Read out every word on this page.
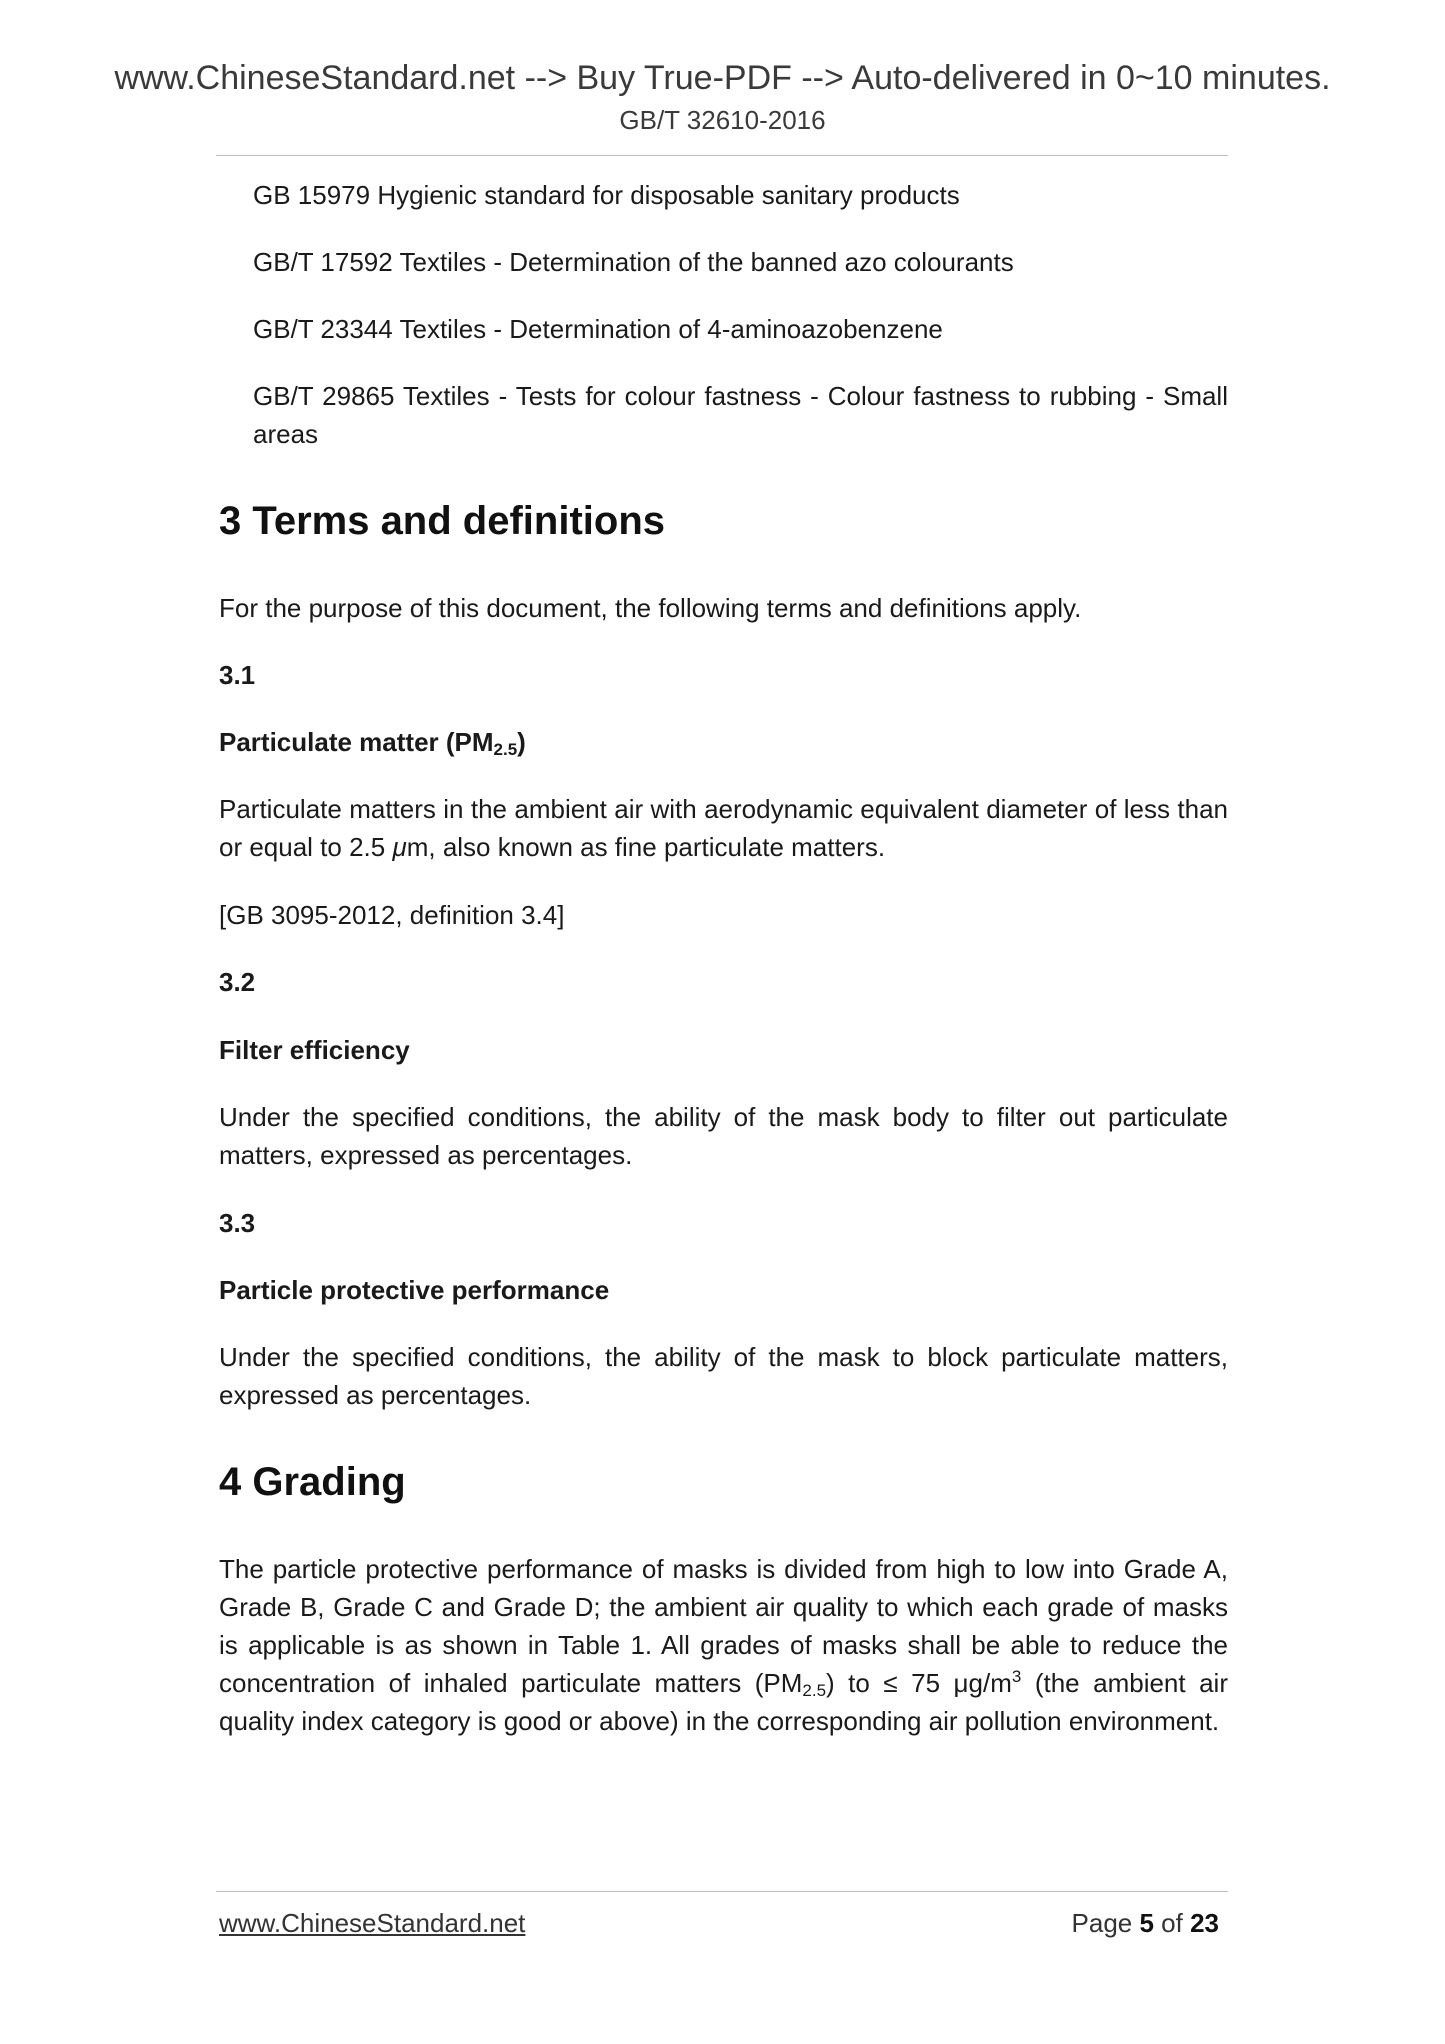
www.ChineseStandard.net --> Buy True-PDF --> Auto-delivered in 0~10 minutes.
GB/T 32610-2016
GB 15979 Hygienic standard for disposable sanitary products
GB/T 17592 Textiles - Determination of the banned azo colourants
GB/T 23344 Textiles - Determination of 4-aminoazobenzene
GB/T 29865 Textiles - Tests for colour fastness - Colour fastness to rubbing - Small areas
3 Terms and definitions
For the purpose of this document, the following terms and definitions apply.
3.1
Particulate matter $(PM_{2.5})$
Particulate matters in the ambient air with aerodynamic equivalent diameter of less than or equal to 2.5 μm, also known as fine particulate matters.
[GB 3095-2012, definition 3.4]
3.2
Filter efficiency
Under the specified conditions, the ability of the mask body to filter out particulate matters, expressed as percentages.
3.3
Particle protective performance
Under the specified conditions, the ability of the mask to block particulate matters, expressed as percentages.
4 Grading
The particle protective performance of masks is divided from high to low into Grade A, Grade B, Grade C and Grade D; the ambient air quality to which each grade of masks is applicable is as shown in Table 1. All grades of masks shall be able to reduce the concentration of inhaled particulate matters $(PM_{2.5})$ to ≤ 75 $\mu g/m^3$ (the ambient air quality index category is good or above) in the corresponding air pollution environment.
www.ChineseStandard.net	Page 5 of 23
